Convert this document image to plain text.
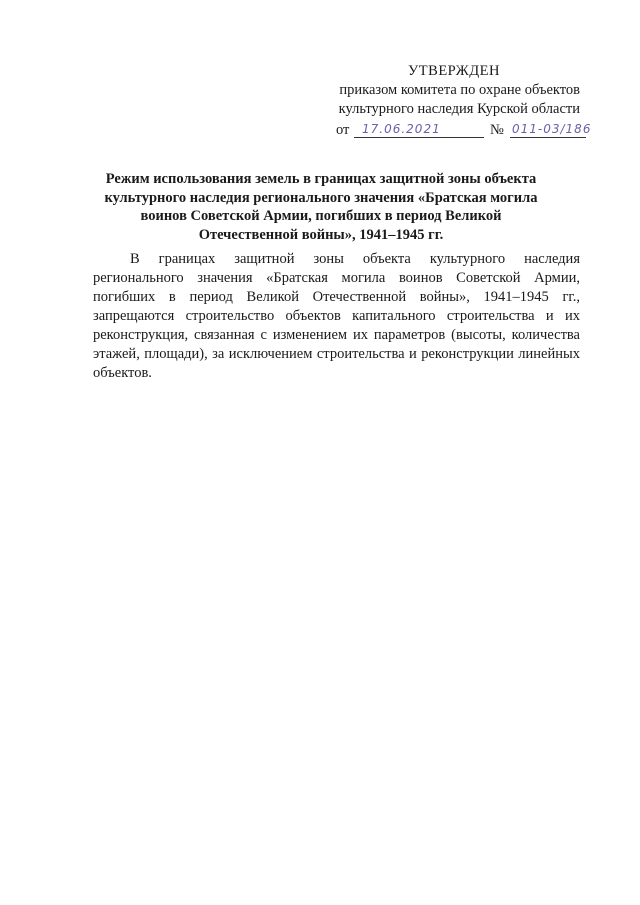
УТВЕРЖДЕН
приказом комитета по охране объектов
культурного наследия Курской области
от 17.06.2021	№ 011-03/186
Режим использования земель в границах защитной зоны объекта культурного наследия регионального значения «Братская могила воинов Советской Армии, погибших в период Великой Отечественной войны», 1941–1945 гг.
В границах защитной зоны объекта культурного наследия регионального значения «Братская могила воинов Советской Армии, погибших в период Великой Отечественной войны», 1941–1945 гг., запрещаются строительство объектов капитального строительства и их реконструкция, связанная с изменением их параметров (высоты, количества этажей, площади), за исключением строительства и реконструкции линейных объектов.
